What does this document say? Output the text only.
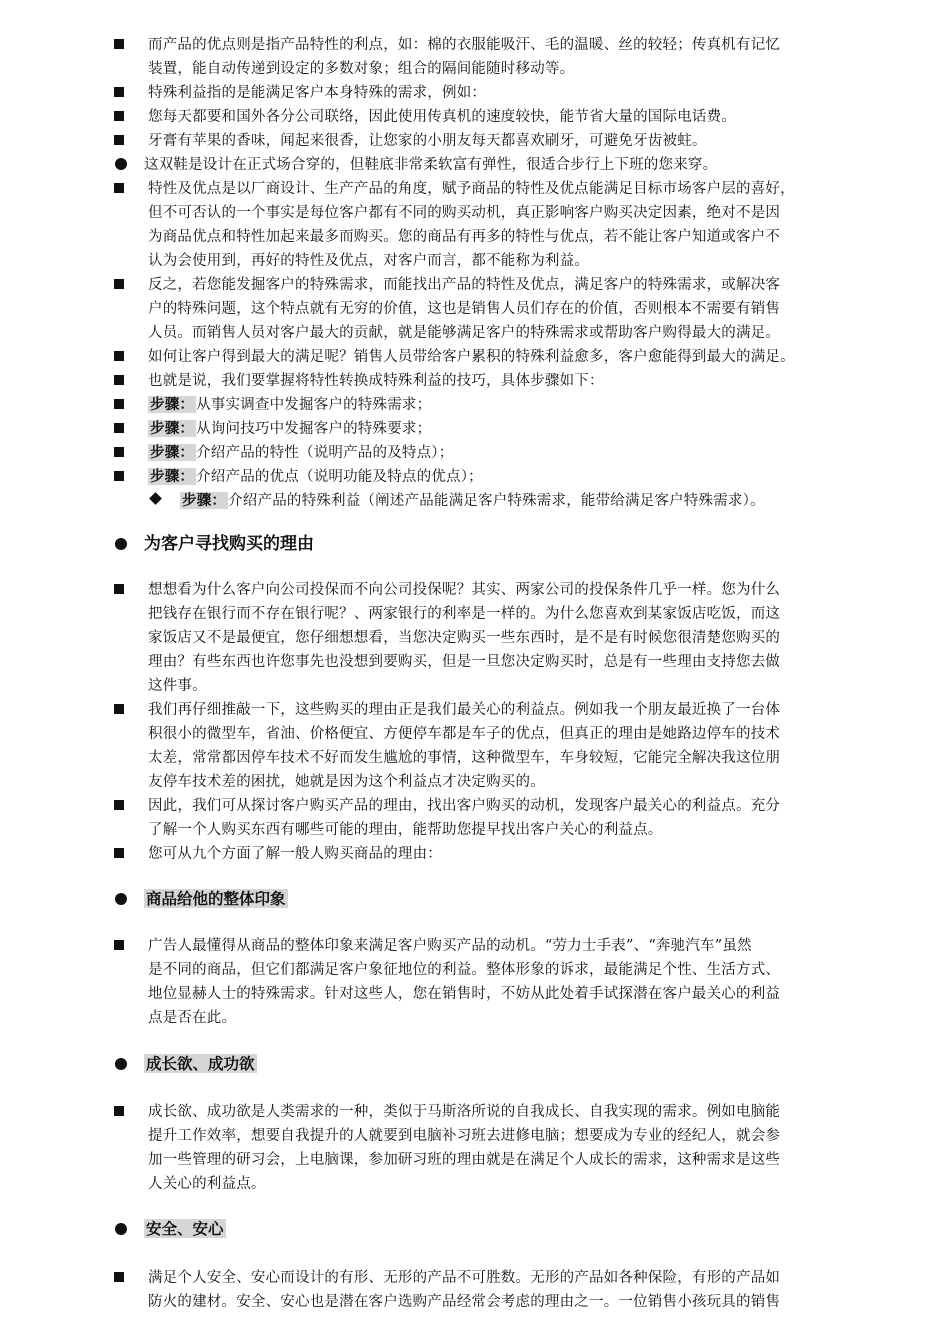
而产品的优点则是指产品特性的利点，如：棉的衣服能吸汗、毛的温暖、丝的较轻；传真机有记忆
装置，能自动传递到设定的多数对象；组合的隔间能随时移动等。
特殊利益指的是能满足客户本身特殊的需求，例如：
您每天都要和国外各分公司联络，因此使用传真机的速度较快，能节省大量的国际电话费。
牙膏有苹果的香味，闻起来很香，让您家的小朋友每天都喜欢刷牙，可避免牙齿被蛀。
这双鞋是设计在正式场合穿的，但鞋底非常柔软富有弹性，很适合步行上下班的您来穿。
特性及优点是以厂商设计、生产产品的角度，赋予商品的特性及优点能满足目标市场客户层的喜好，
但不可否认的一个事实是每位客户都有不同的购买动机，真正影响客户购买决定因素，绝对不是因
为商品优点和特性加起来最多而购买。您的商品有再多的特性与优点，若不能让客户知道或客户不
认为会使用到，再好的特性及优点，对客户而言，都不能称为利益。
反之，若您能发掘客户的特殊需求，而能找出产品的特性及优点，满足客户的特殊需求，或解决客
户的特殊问题，这个特点就有无穷的价值，这也是销售人员们存在的价值，否则根本不需要有销售
人员。而销售人员对客户最大的贡献，就是能够满足客户的特殊需求或帮助客户购得最大的满足。
如何让客户得到最大的满足呢？销售人员带给客户累积的特殊利益愈多，客户愈能得到最大的满足。
也就是说，我们要掌握将特性转换成特殊利益的技巧，具体步骤如下：
步骤： 从事实调查中发掘客户的特殊需求；
步骤： 从询问技巧中发掘客户的特殊要求；
步骤： 介绍产品的特性（说明产品的及特点）；
步骤： 介绍产品的优点（说明功能及特点的优点）；
步骤： 介绍产品的特殊利益（阐述产品能满足客户特殊需求，能带给满足客户特殊需求）。
为客户寻找购买的理由
想想看为什么客户向公司投保而不向公司投保呢？其实、两家公司的投保条件几乎一样。您为什么
把钱存在银行而不存在银行呢？、两家银行的利率是一样的。为什么您喜欢到某家饭店吃饭，而这
家饭店又不是最便宜，您仔细想想看，当您决定购买一些东西时，是不是有时候您很清楚您购买的
理由？有些东西也许您事先也没想到要购买，但是一旦您决定购买时，总是有一些理由支持您去做
这件事。
我们再仔细推敲一下，这些购买的理由正是我们最关心的利益点。例如我一个朋友最近换了一台体
积很小的微型车，省油、价格便宜、方便停车都是车子的优点，但真正的理由是她路边停车的技术
太差，常常都因停车技术不好而发生尴尬的事情，这种微型车，车身较短，它能完全解决我这位朋
友停车技术差的困扰，她就是因为这个利益点才决定购买的。
因此，我们可从探讨客户购买产品的理由，找出客户购买的动机，发现客户最关心的利益点。充分
了解一个人购买东西有哪些可能的理由，能帮助您提早找出客户关心的利益点。
您可从九个方面了解一般人购买商品的理由：
商品给他的整体印象
广告人最懂得从商品的整体印象来满足客户购买产品的动机。“劳力士手表”、“奔驰汽车”虽然
是不同的商品，但它们都满足客户象征地位的利益。整体形象的诉求，最能满足个性、生活方式、
地位显赫人士的特殊需求。针对这些人，您在销售时，不妨从此处着手试探潜在客户最关心的利益
点是否在此。
成长欲、成功欲
成长欲、成功欲是人类需求的一种，类似于马斯洛所说的自我成长、自我实现的需求。例如电脑能
提升工作效率，想要自我提升的人就要到电脑补习班去进修电脑；想要成为专业的经纪人，就会参
加一些管理的研习会，上电脑课，参加研习班的理由就是在满足个人成长的需求，这种需求是这些
人关心的利益点。
安全、安心
满足个人安全、安心而设计的有形、无形的产品不可胜数。无形的产品如各种保险，有形的产品如
防火的建材。安全、安心也是潜在客户选购产品经常会考虑的理由之一。一位销售小孩玩具的销售
